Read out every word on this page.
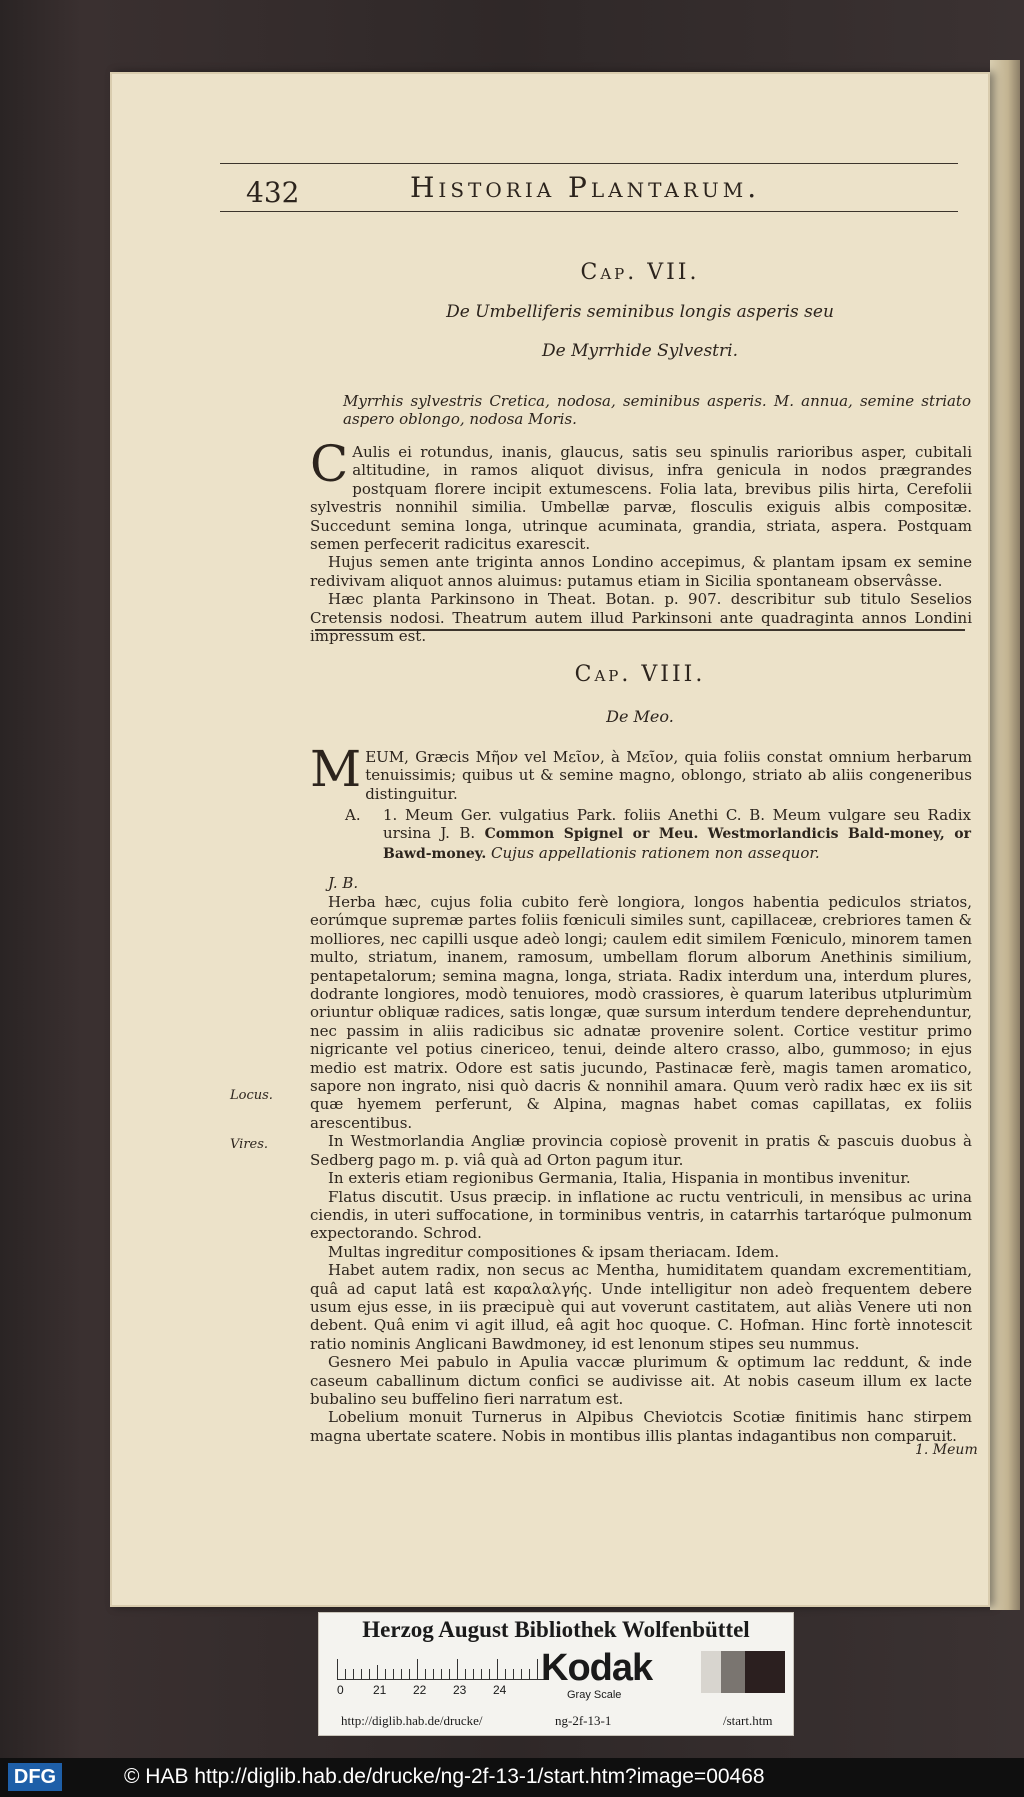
432	Historia Plantarum.
Cap. VII.
De Umbelliferis seminibus longis asperis seu
De Myrrhide Sylvestri.
Myrrhis sylvestris Cretica, nodosa, seminibus asperis. M. annua, semine striato aspero oblongo, nodosa Moris.

C Aulis ei rotundus, inanis, glaucus, satis seu spinulis rarioribus asper, cubitali altitudine, in ramos aliquot divisus, infra genicula in nodos prægrandes postquam florere incipit extumescens. Folia lata, brevibus pilis hirta, Cerefolii sylvestris nonnihil similia. Umbellæ parvæ, flosculis exiguis albis compositæ. Succedunt semina longa, utrinque acuminata, grandia, striata, aspera. Postquam semen perfecerit radicitus exarescit.

Hujus semen ante triginta annos Londino accepimus, & plantam ipsam ex semine redivivam aliquot annos aluimus: putamus etiam in Sicilia spontaneam observâsse.

Hæc planta Parkinsono in Theat. Botan. p. 907. describitur sub titulo Seselios Cretensis nodosi. Theatrum autem illud Parkinsoni ante quadraginta annos Londini impressum est.

Cap. VIII.
De Meo.

MEUM, Græcis Μῆον vel Μεῖον, à Μεῖον, quia foliis constat omnium herbarum tenuissimis; quibus ut & semine magno, oblongo, striato ab aliis congeneribus distinguitur.

A. 1. Meum Ger. vulgatius Park. foliis Anethi C. B. Meum vulgare seu Radix ursina J. B. Common Spignel or Meu. Westmorlandicis Bald-money, or Bawd-money. Cujus appellationis rationem non assequor.
J. B.

Herba hæc, cujus folia cubito ferè longiora, longos habentia pediculos striatos, eorúmque supremæ partes foliis fœniculi similes sunt, capillaceæ, crebriores tamen & molliores, nec capilli usque adeò longi; caulem edit similem Fœniculo, minorem tamen multo, striatum, inanem, ramosum, umbellam florum alborum Anethinis similium, pentapetalorum; semina magna, longa, striata. Radix interdum una, interdum plures, dodrante longiores, modò tenuiores, modò crassiores, è quarum lateribus utplurimùm oriuntur obliquæ radices, satis longæ, quæ sursum interdum tendere deprehenduntur, nec passim in aliis radicibus sic adnatæ provenire solent. Cortice vestitur primo nigricante vel potius cinericeo, tenui, deinde altero crasso, albo, gummoso; in ejus medio est matrix. Odore est satis jucundo, Pastinacæ ferè, magis tamen aromatico, sapore non ingrato, nisi quò dacris & nonnihil amara. Quum verò radix hæc ex iis sit quæ hyemem perferunt, & Alpina, magnas habet comas capillatas, ex foliis arescentibus.

In Westmorlandia Angliæ provincia copiosè provenit in pratis & pascuis duobus à Sedberg pago m. p. viâ quà ad Orton pagum itur.

In exteris etiam regionibus Germania, Italia, Hispania in montibus invenitur.

Flatus discutit. Usus præcip. in inflatione ac ructu ventriculi, in mensibus ac urina ciendis, in uteri suffocatione, in torminibus ventris, in catarrhis tartaróque pulmonum expectorando. Schrod.

Multas ingreditur compositiones & ipsam theriacam. Idem.

Habet autem radix, non secus ac Mentha, humiditatem quandam excrementitiam, quâ ad caput latâ est καραλαλγής. Unde intelligitur non adeò frequentem debere usum ejus esse, in iis præcipuè qui aut voverunt castitatem, aut aliàs Venere uti non debent. Quâ enim vi agit illud, eâ agit hoc quoque. C. Hofman. Hinc fortè innotescit ratio nominis Anglicani Bawdmoney, id est lenonum stipes seu nummus.

Gesnero Mei pabulo in Apulia vaccæ plurimum & optimum lac reddunt, & inde caseum caballinum dictum confici se audivisse ait. At nobis caseum illum ex lacte bubalino seu buffelino fieri narratum est.

Lobelium monuit Turnerus in Alpibus Cheviotcis Scotiæ finitimis hanc stirpem magna ubertate scatere. Nobis in montibus illis plantas indagantibus non comparuit.

Locus.
Vires.
1. Meum
Herzog August Bibliothek Wolfenbüttel
0 21 22 23 24
Kodak
Gray Scale
http://diglib.hab.de/drucke/	ng-2f-13-1	/start.htm
DFG	© HAB http://diglib.hab.de/drucke/ng-2f-13-1/start.htm?image=00468
